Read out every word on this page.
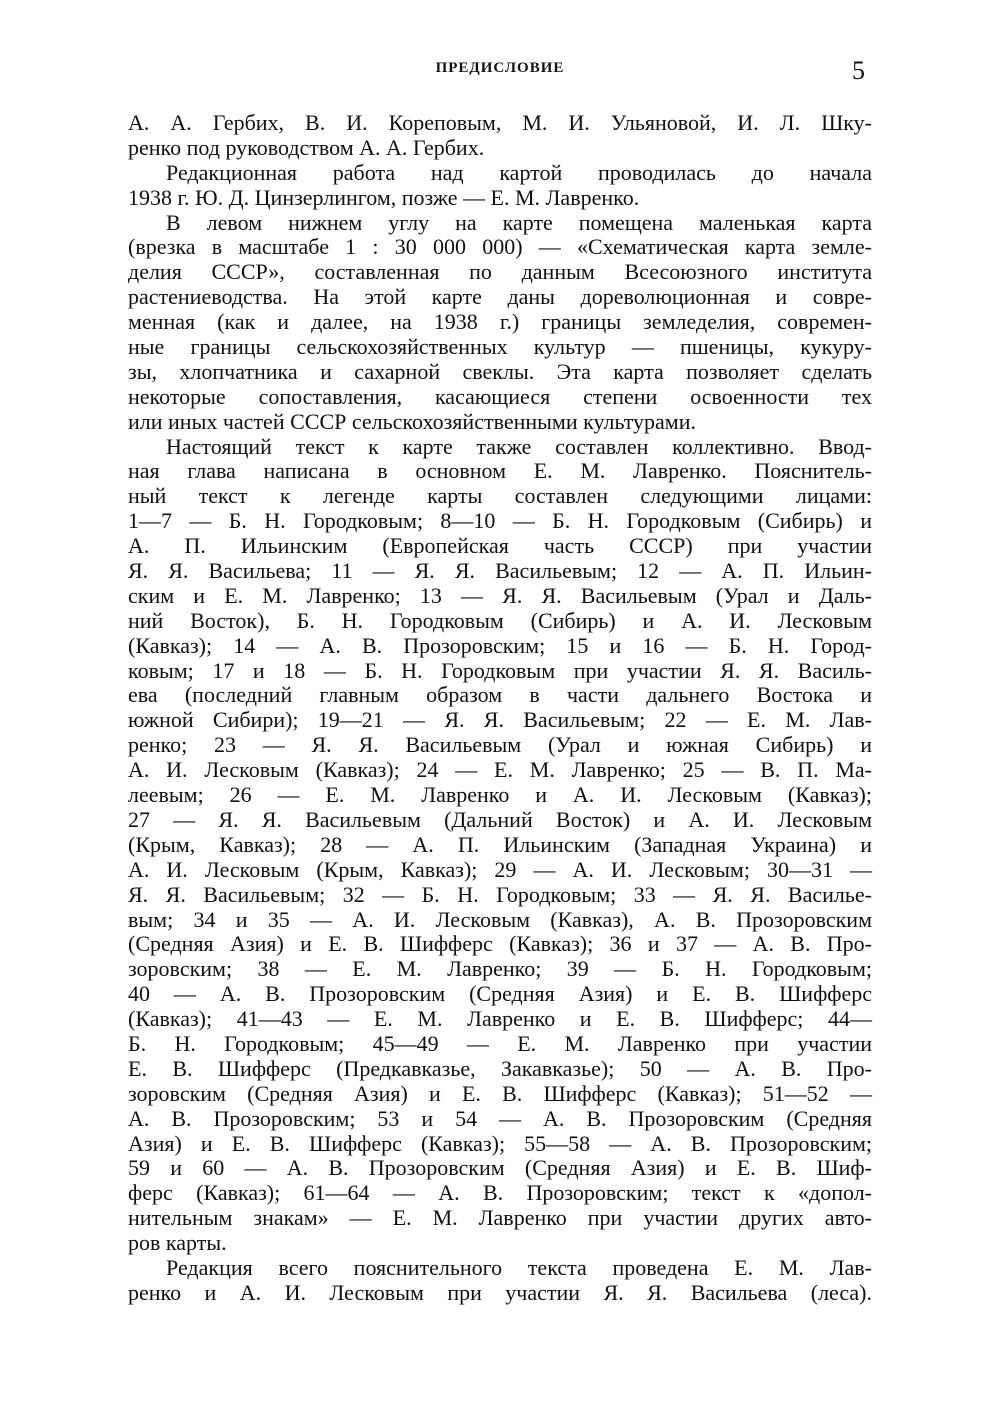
ПРЕДИСЛОВИЕ	5
А. А. Гербих, В. И. Кореповым, М. И. Ульяновой, И. Л. Шку-
ренко под руководством А. А. Гербих.
Редакционная работа над картой проводилась до начала
1938 г. Ю. Д. Цинзерлингом, позже — Е. М. Лавренко.
В левом нижнем углу на карте помещена маленькая карта
(врезка в масштабе 1 : 30 000 000) — «Схематическая карта земле-
делия СССР», составленная по данным Всесоюзного института
растениеводства. На этой карте даны дореволюционная и совре-
менная (как и далее, на 1938 г.) границы земледелия, современ-
ные границы сельскохозяйственных культур — пшеницы, кукуру-
зы, хлопчатника и сахарной свеклы. Эта карта позволяет сделать
некоторые сопоставления, касающиеся степени освоенности тех
или иных частей СССР сельскохозяйственными культурами.
Настоящий текст к карте также составлен коллективно. Ввод-
ная глава написана в основном Е. М. Лавренко. Пояснитель-
ный текст к легенде карты составлен следующими лицами:
1—7 — Б. Н. Городковым; 8—10 — Б. Н. Городковым (Сибирь) и
А. П. Ильинским (Европейская часть СССР) при участии
Я. Я. Васильева; 11 — Я. Я. Васильевым; 12 — А. П. Ильин-
ским и Е. М. Лавренко; 13 — Я. Я. Васильевым (Урал и Даль-
ний Восток), Б. Н. Городковым (Сибирь) и А. И. Лесковым
(Кавказ); 14 — А. В. Прозоровским; 15 и 16 — Б. Н. Город-
ковым; 17 и 18 — Б. Н. Городковым при участии Я. Я. Василь-
ева (последний главным образом в части дальнего Востока и
южной Сибири); 19—21 — Я. Я. Васильевым; 22 — Е. М. Лав-
ренко; 23 — Я. Я. Васильевым (Урал и южная Сибирь) и
А. И. Лесковым (Кавказ); 24 — Е. М. Лавренко; 25 — В. П. Ма-
леевым; 26 — Е. М. Лавренко и А. И. Лесковым (Кавказ);
27 — Я. Я. Васильевым (Дальний Восток) и А. И. Лесковым
(Крым, Кавказ); 28 — А. П. Ильинским (Западная Украина) и
А. И. Лесковым (Крым, Кавказ); 29 — А. И. Лесковым; 30—31 —
Я. Я. Васильевым; 32 — Б. Н. Городковым; 33 — Я. Я. Василье-
вым; 34 и 35 — А. И. Лесковым (Кавказ), А. В. Прозоровским
(Средняя Азия) и Е. В. Шифферс (Кавказ); 36 и 37 — А. В. Про-
зоровским; 38 — Е. М. Лавренко; 39 — Б. Н. Городковым;
40 — А. В. Прозоровским (Средняя Азия) и Е. В. Шифферс
(Кавказ); 41—43 — Е. М. Лавренко и Е. В. Шифферс; 44—
Б. Н. Городковым; 45—49 — Е. М. Лавренко при участии
Е. В. Шифферс (Предкавказье, Закавказье); 50 — А. В. Про-
зоровским (Средняя Азия) и Е. В. Шифферс (Кавказ); 51—52 —
А. В. Прозоровским; 53 и 54 — А. В. Прозоровским (Средняя
Азия) и Е. В. Шифферс (Кавказ); 55—58 — А. В. Прозоровским;
59 и 60 — А. В. Прозоровским (Средняя Азия) и Е. В. Шиф-
ферс (Кавказ); 61—64 — А. В. Прозоровским; текст к «допол-
нительным знакам» — Е. М. Лавренко при участии других авто-
ров карты.
Редакция всего пояснительного текста проведена Е. М. Лав-
ренко и А. И. Лесковым при участии Я. Я. Васильева (леса).
